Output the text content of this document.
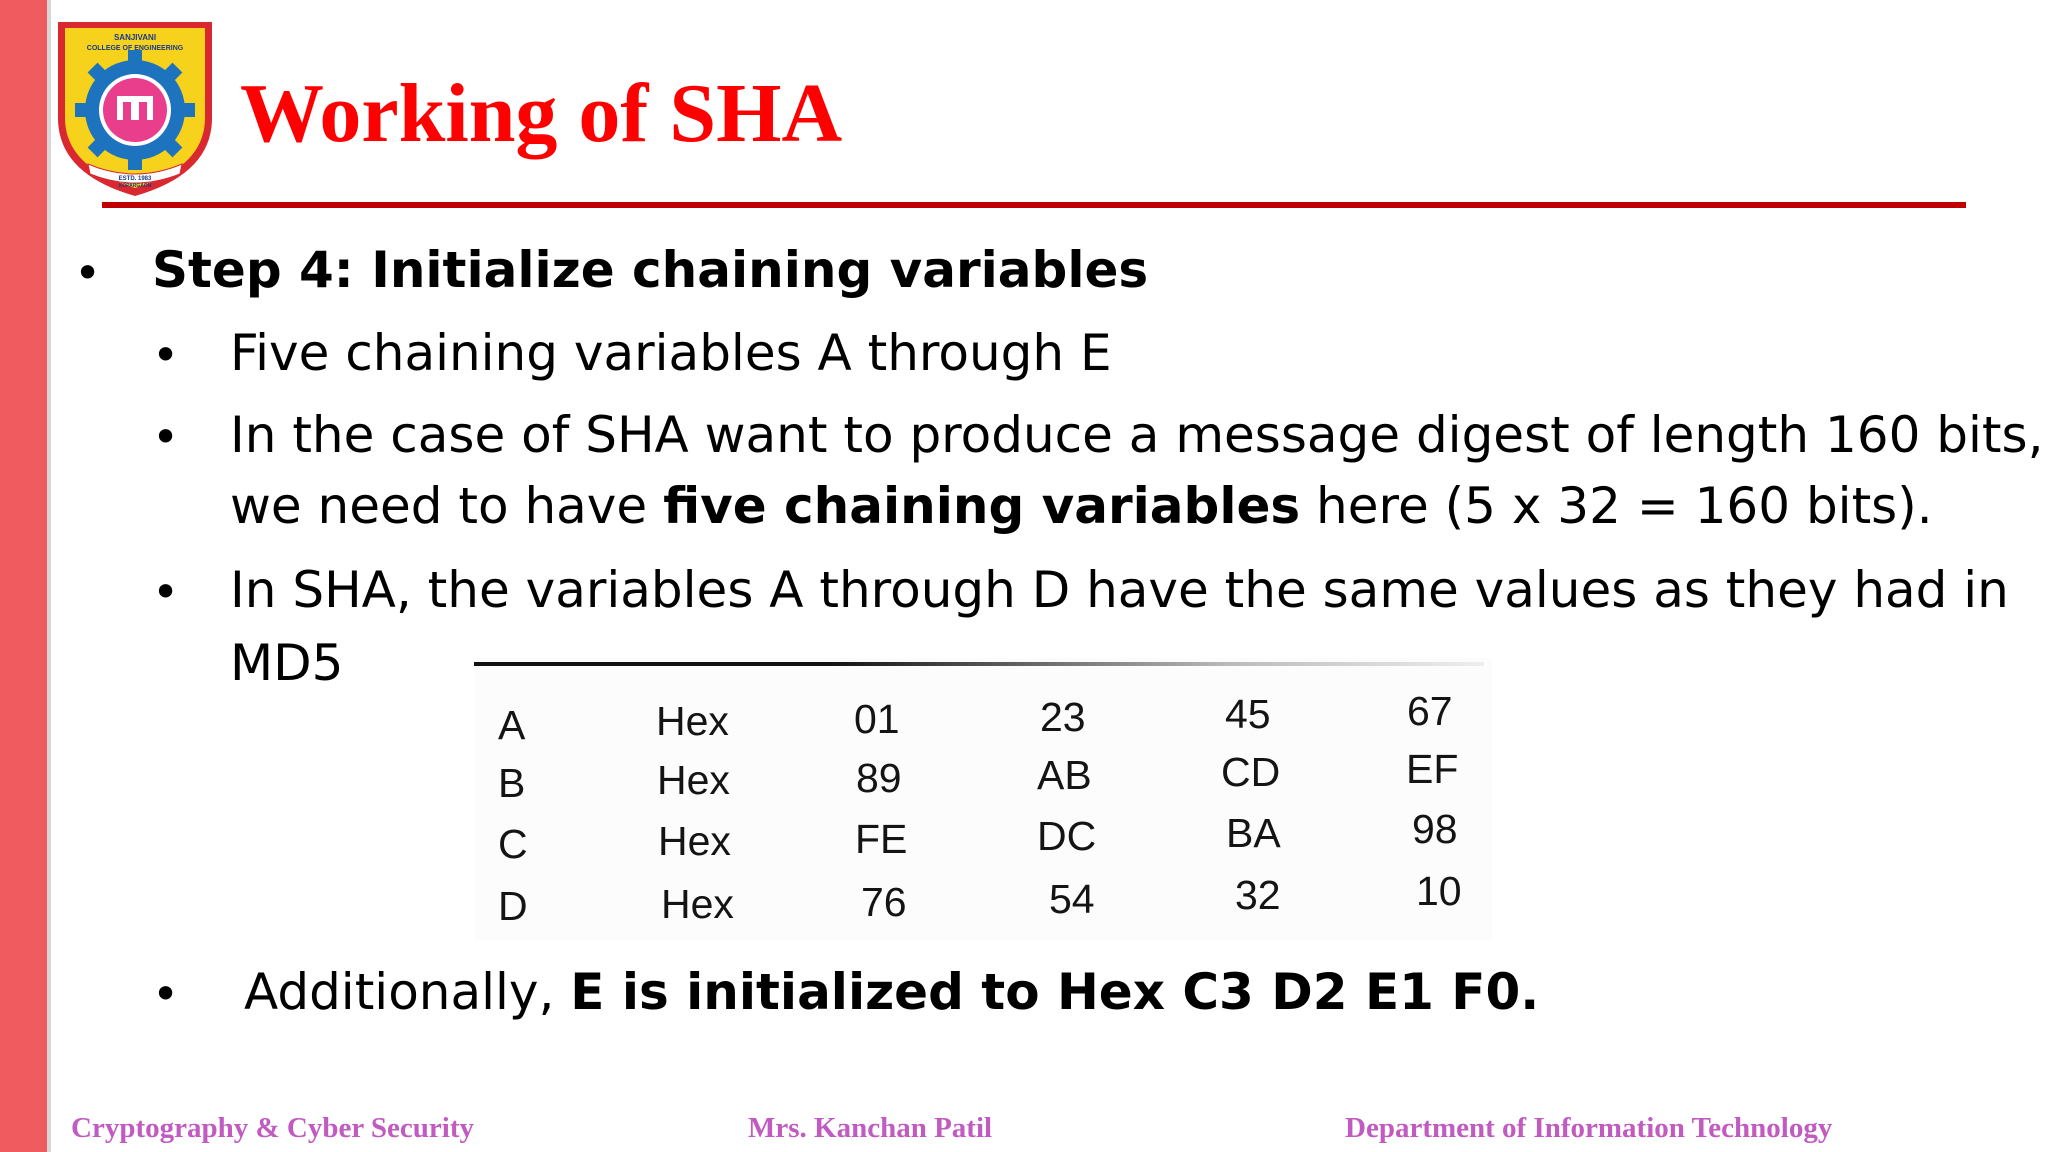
SANJIVANI
COLLEGE OF ENGINEERING
ESTD. 1983
KOPARGAON
Working of SHA
• Step 4: Initialize chaining variables
• Five chaining variables A through E
• In the case of SHA want to produce a message digest of length 160 bits,
we need to have five chaining variables here (5 x 32 = 160 bits).
• In SHA, the variables A through D have the same values as they had in
MD5
• Additionally, E is initialized to Hex C3 D2 E1 F0.
A	Hex	01	23	45	67
B	Hex	89	AB	CD	EF
C	Hex	FE	DC	BA	98
D	Hex	76	54	32	10
Cryptography & Cyber Security	Mrs. Kanchan Patil	Department of Information Technology
